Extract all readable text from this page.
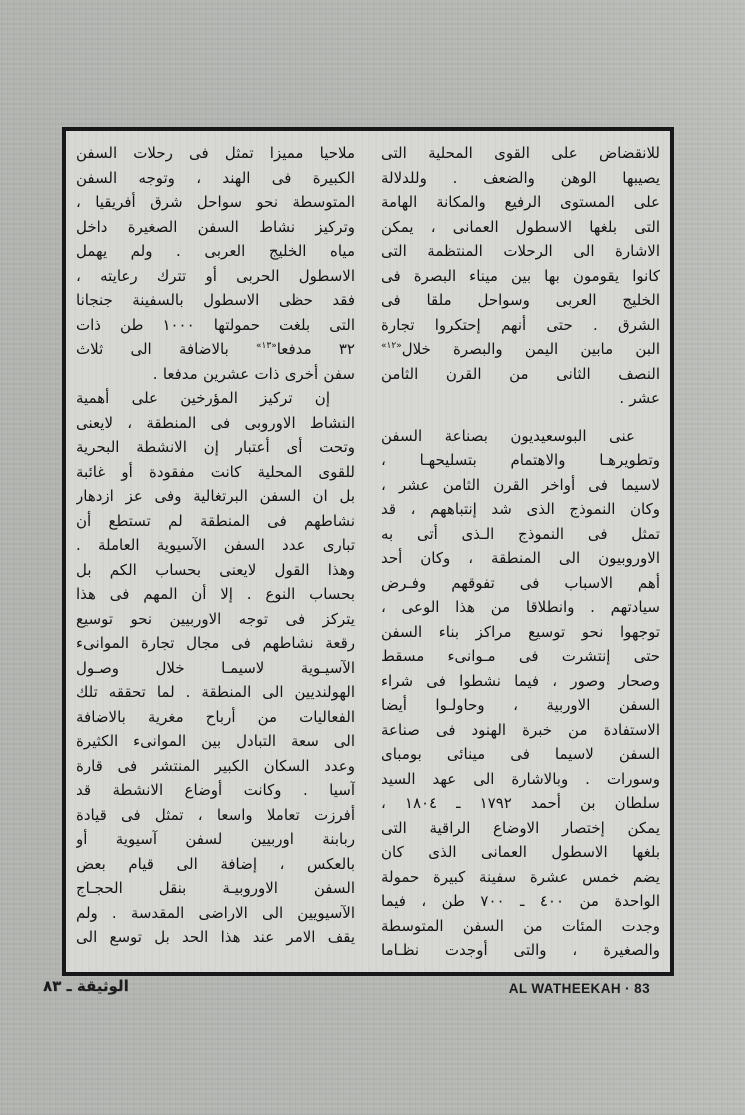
للانقضاض على القوى المحلية التى
يصيبها الوهن والضعف . وللدلالة
على المستوى الرفيع والمكانة الهامة
التى بلغها الاسطول العمانى ، يمكن
الاشارة الى الرحلات المنتظمة التى
كانوا يقومون بها بين ميناء البصرة فى
الخليج العربى وسواحل ملقا فى
الشرق . حتى أنهم إحتكروا تجارة
البن مابين اليمن والبصرة خلال$^{«١٢»}$
النصف الثانى من القرن الثامن
عشر .
عنى البوسعيديون بصناعة السفن
وتطويرهـا والاهتمام بتسليحهـا ،
لاسيما فى أواخر القرن الثامن عشر ،
وكان النموذج الذى شد إنتباههم ، قد
تمثل فى النموذج الـذى أتى به
الاوروبيون الى المنطقة ، وكان أحد
أهم الاسباب فى تفوقهم وفـرض
سيادتهم . وانطلاقا من هذا الوعى ،
توجهوا نحو توسيع مراكز بناء السفن
حتى إنتشرت فى مـوانىء مسقط
وصحار وصور ، فيما نشطوا فى شراء
السفن الاوربية ، وحاولـوا أيضا
الاستفادة من خبرة الهنود فى صناعة
السفن لاسيما فى مينائى بومباى
وسورات . وبالاشارة الى عهد السيد
سلطان بن أحمد ١٧٩٢ ـ ١٨٠٤ ،
يمكن إختصار الاوضاع الراقية التى
بلغها الاسطول العمانى الذى كان
يضم خمس عشرة سفينة كبيرة حمولة
الواحدة من ٤٠٠ ـ ٧٠٠ طن ، فيما
وجدت المئات من السفن المتوسطة
والصغيرة ، والتى أوجدت نظـاما
ملاحيا مميزا تمثل فى رحلات السفن
الكبيرة فى الهند ، وتوجه السفن
المتوسطة نحو سواحل شرق أفريقيا ،
وتركيز نشاط السفن الصغيرة داخل
مياه الخليج العربى . ولم يهمل
الاسطول الحربى أو تترك رعايته ،
فقد حظى الاسطول بالسفينة جنجانا
التى بلغت حمولتها ١٠٠٠ طن ذات
٣٢ مدفعا$^{«١٣»}$ بالاضافة الى ثلاث
سفن أخرى ذات عشرين مدفعا .
إن تركيز المؤرخين على أهمية
النشاط الاوروبى فى المنطقة ، لايعنى
وتحت أى أعتبار إن الانشطة البحرية
للقوى المحلية كانت مفقودة أو غائبة
بل ان السفن البرتغالية وفى عز ازدهار
نشاطهم فى المنطقة لم تستطع أن
تبارى عدد السفن الآسيوية العاملة .
وهذا القول لايعنى بحساب الكم بل
بحساب النوع . إلا أن المهم فى هذا
يتركز فى توجه الاوربيين نحو توسيع
رقعة نشاطهم فى مجال تجارة الموانىء
الآسيـوية لاسيمـا خلال وصـول
الهولنديين الى المنطقة . لما تحققه تلك
الفعاليات من أرباح مغرية بالاضافة
الى سعة التبادل بين الموانىء الكثيرة
وعدد السكان الكبير المنتشر فى قارة
آسيا . وكانت أوضاع الانشطة قد
أفرزت تعاملا واسعا ، تمثل فى قيادة
ربابنة اوربيين لسفن آسيوية أو
بالعكس ، إضافة الى قيام بعض
السفن الاوروبيـة بنقل الحجـاج
الآسيويين الى الاراضى المقدسة . ولم
يقف الامر عند هذا الحد بل توسع الى
الوثيقة ـ ٨٣	AL WATHEEKAH · 83
